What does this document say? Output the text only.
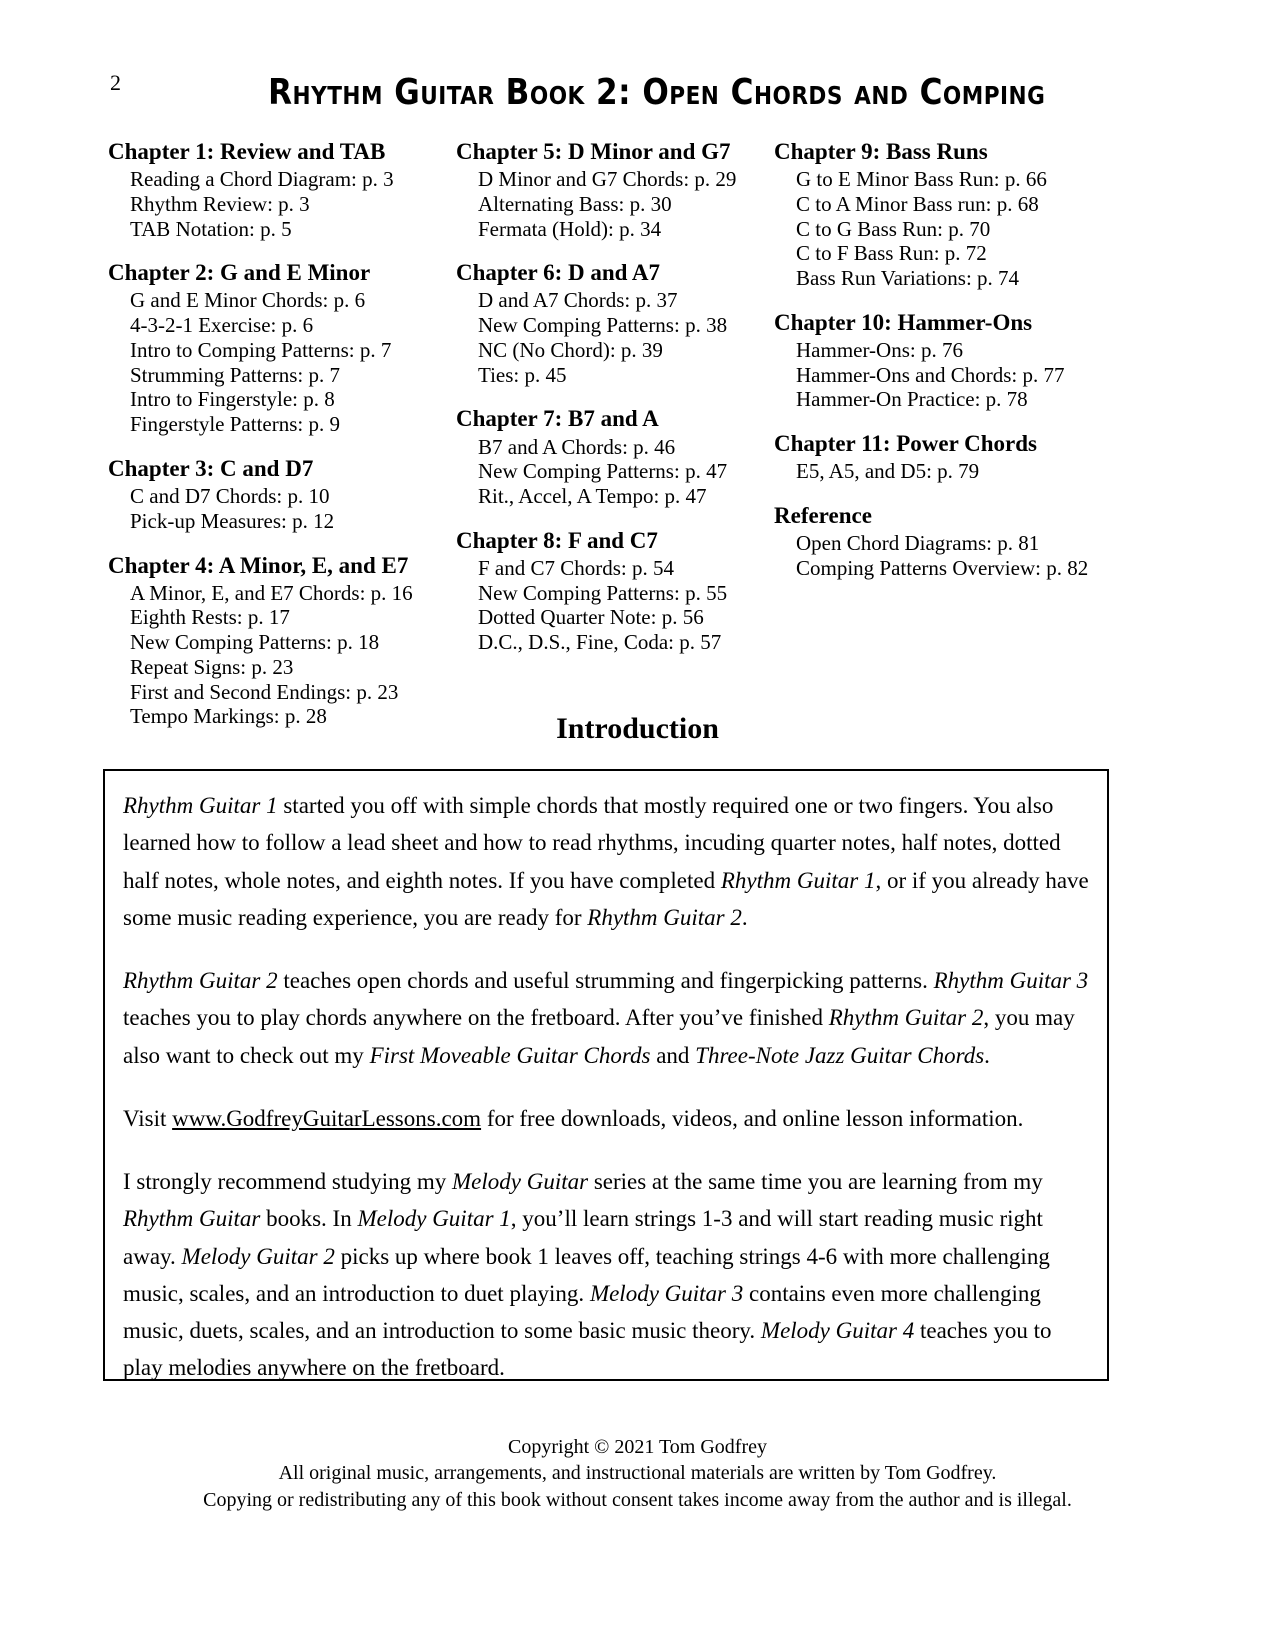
2	Rhythm Guitar Book 2: Open Chords and Comping
Chapter 1: Review and TAB
Reading a Chord Diagram: p. 3
Rhythm Review: p. 3
TAB Notation: p. 5
Chapter 2: G and E Minor
G and E Minor Chords: p. 6
4-3-2-1 Exercise: p. 6
Intro to Comping Patterns: p. 7
Strumming Patterns: p. 7
Intro to Fingerstyle: p. 8
Fingerstyle Patterns: p. 9
Chapter 3: C and D7
C and D7 Chords: p. 10
Pick-up Measures: p. 12
Chapter 4: A Minor, E, and E7
A Minor, E, and E7 Chords: p. 16
Eighth Rests: p. 17
New Comping Patterns: p. 18
Repeat Signs: p. 23
First and Second Endings: p. 23
Tempo Markings: p. 28
Chapter 5: D Minor and G7
D Minor and G7 Chords: p. 29
Alternating Bass: p. 30
Fermata (Hold): p. 34
Chapter 6: D and A7
D and A7 Chords: p. 37
New Comping Patterns: p. 38
NC (No Chord): p. 39
Ties: p. 45
Chapter 7: B7 and A
B7 and A Chords: p. 46
New Comping Patterns: p. 47
Rit., Accel, A Tempo: p. 47
Chapter 8: F and C7
F and C7 Chords: p. 54
New Comping Patterns: p. 55
Dotted Quarter Note: p. 56
D.C., D.S., Fine, Coda: p. 57
Chapter 9: Bass Runs
G to E Minor Bass Run: p. 66
C to A Minor Bass run: p. 68
C to G Bass Run: p. 70
C to F Bass Run: p. 72
Bass Run Variations: p. 74
Chapter 10: Hammer-Ons
Hammer-Ons: p. 76
Hammer-Ons and Chords: p. 77
Hammer-On Practice: p. 78
Chapter 11: Power Chords
E5, A5, and D5: p. 79
Reference
Open Chord Diagrams: p. 81
Comping Patterns Overview: p. 82
Introduction

Rhythm Guitar 1 started you off with simple chords that mostly required one or two fingers. You also learned how to follow a lead sheet and how to read rhythms, incuding quarter notes, half notes, dotted half notes, whole notes, and eighth notes. If you have completed Rhythm Guitar 1, or if you already have some music reading experience, you are ready for Rhythm Guitar 2.

Rhythm Guitar 2 teaches open chords and useful strumming and fingerpicking patterns. Rhythm Guitar 3 teaches you to play chords anywhere on the fretboard. After you’ve finished Rhythm Guitar 2, you may also want to check out my First Moveable Guitar Chords and Three-Note Jazz Guitar Chords.

Visit www.GodfreyGuitarLessons.com for free downloads, videos, and online lesson information.

I strongly recommend studying my Melody Guitar series at the same time you are learning from my Rhythm Guitar books. In Melody Guitar 1, you’ll learn strings 1-3 and will start reading music right away. Melody Guitar 2 picks up where book 1 leaves off, teaching strings 4-6 with more challenging music, scales, and an introduction to duet playing. Melody Guitar 3 contains even more challenging music, duets, scales, and an introduction to some basic music theory. Melody Guitar 4 teaches you to play melodies anywhere on the fretboard.

Copyright © 2021 Tom Godfrey
All original music, arrangements, and instructional materials are written by Tom Godfrey.
Copying or redistributing any of this book without consent takes income away from the author and is illegal.
